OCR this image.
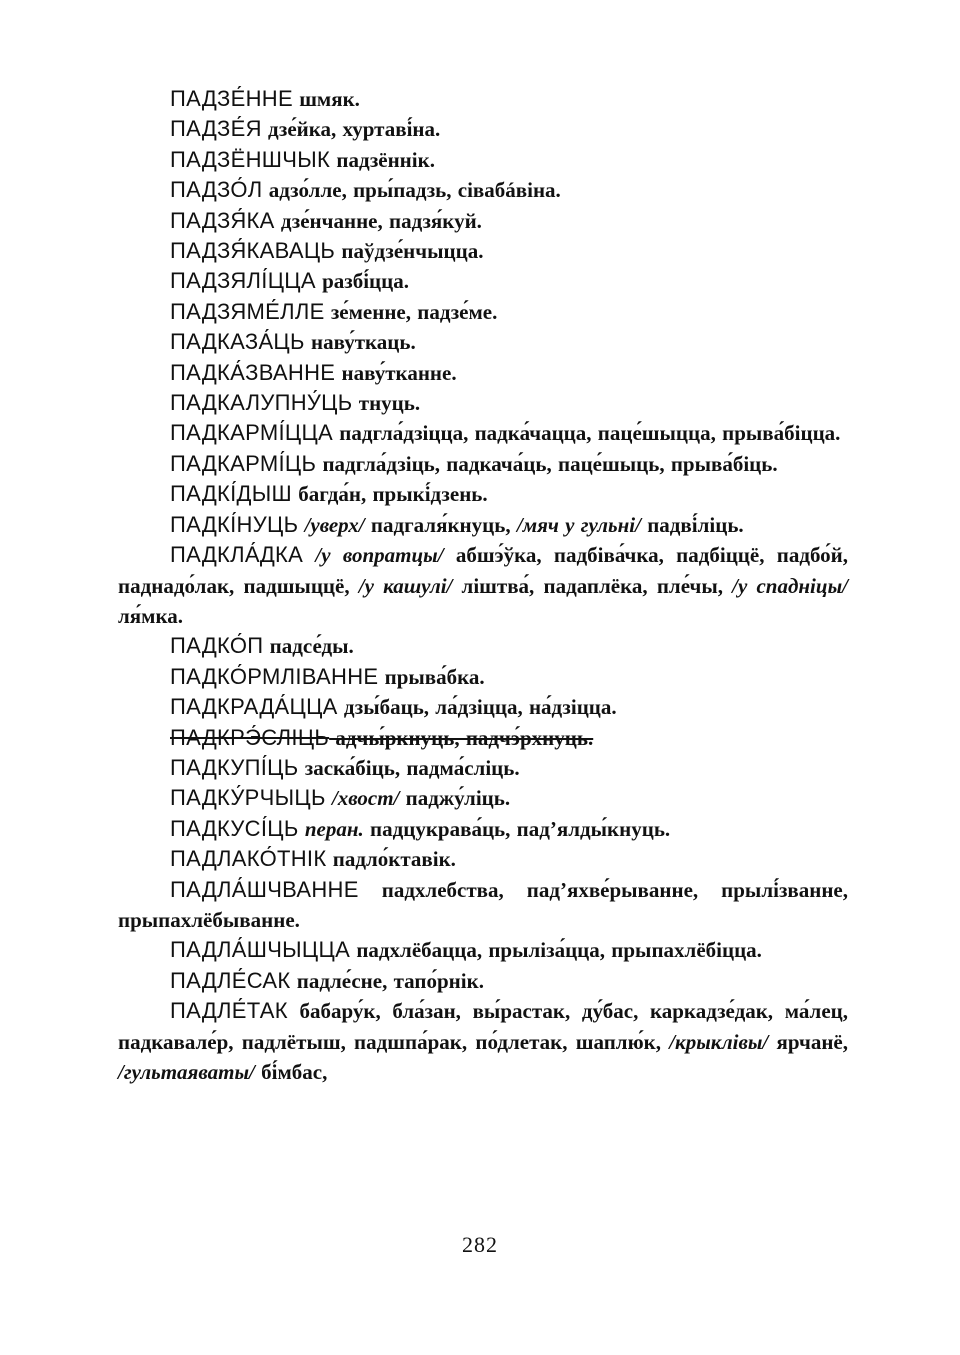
ПАДЗЕ́ННЕ шмяк.

ПАДЗЕ́Я дзе́йка, хуртаві́на.

ПАДЗЁНШЧЫК падзённік.

ПАДЗО́Л адзо́лле, пры́падзь, сівабáвіна.

ПАДЗЯ́КА дзе́нчанне, падзя́куй.

ПАДЗЯ́КАВАЦЬ паўдзе́нчыцца.

ПАДЗЯЛІ́ЦЦА разбі́цца.

ПАДЗЯМЕ́ЛЛЕ зе́менне, падзе́ме.

ПАДКАЗА́ЦЬ наву́ткаць.

ПАДКА́ЗВАННЕ наву́тканне.

ПАДКАЛУПНУ́ЦЬ тнуць.

ПАДКАРМІ́ЦЦА падгла́дзіцца, падка́чацца, паце́шыцца, прыва́біцца.

ПАДКАРМІ́ЦЬ падгла́дзіць, падкача́ць, паце́шыць, прыва́біць.

ПАДКІ́ДЫШ багда́н, прыкі́дзень.

ПАДКІ́НУЦЬ /уверх/ падгаля́кнуць, /мяч у гульні/ падві́ліць.

ПАДКЛА́ДКА /у вопратцы/ абшэ́ўка, падбіва́чка, падбіццё, падбо́й, паднадо́лак, падшыццё, /у кашулі/ ліштва́, падаплёка, пле́чы, /у спадніцы/ ля́мка.

ПАДКО́П падсе́ды.

ПАДКО́РМЛІВАННЕ прыва́бка.

ПАДКРАДА́ЦЦА дзы́баць, ла́дзіцца, на́дзіцца.

ПАДКРЭ́СЛІЦЬ адчы́ркнуць, падчэ́рхнуць.

ПАДКУПІ́ЦЬ заска́біць, падма́сліць.

ПАДКУ́РЧЫЦЬ /хвост/ паджу́ліць.

ПАДКУСІ́ЦЬ перан. падцукрава́ць, пад’ялды́кнуць.

ПАДЛАКО́ТНІК падло́ктавік.

ПАДЛА́ШЧВАННЕ падхлебства, пад’яхве́рыванне, прылі́званне, прыпахлёбыванне.

ПАДЛА́ШЧЫЦЦА падхлёбацца, прыліза́цца, прыпахлёбіцца.

ПАДЛЕ́САК падле́сне, тапо́рнік.

ПАДЛЕ́ТАК бабару́к, бла́зан, вы́растак, ду́бас, каркадзе́дак, ма́лец, падкавале́р, падлётыш, падшпа́рак, по́длетак, шаплю́к, /крыклівы/ ярчанё, /гультаяваты/ бі́мбас,

282
